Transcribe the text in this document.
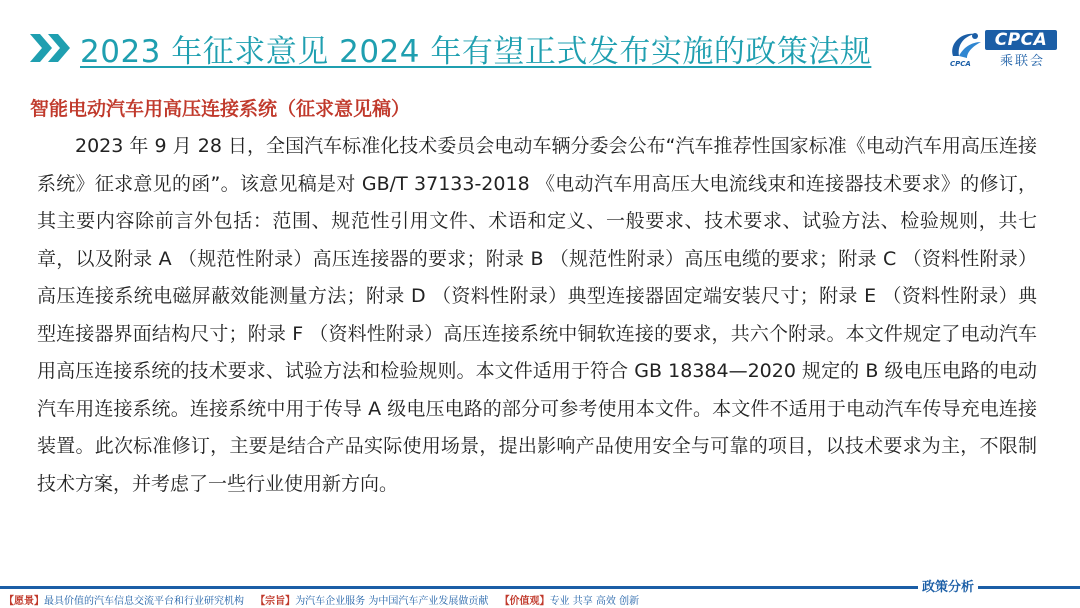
2023 年征求意见 2024 年有望正式发布实施的政策法规	CPCA
乘联会
CPCA
智能电动汽车用高压连接系统（征求意见稿）
2023 年 9 月 28 日，全国汽车标准化技术委员会电动车辆分委会公布“汽车推荐性国家标准《电动汽车用高压连接系统》征求意见的函”。该意见稿是对 GB/T 37133-2018 《电动汽车用高压大电流线束和连接器技术要求》的修订，其主要内容除前言外包括：范围、规范性引用文件、术语和定义、一般要求、技术要求、试验方法、检验规则，共七章，以及附录 A （规范性附录）高压连接器的要求；附录 B （规范性附录）高压电缆的要求；附录 C （资料性附录）高压连接系统电磁屏蔽效能测量方法；附录 D （资料性附录）典型连接器固定端安装尺寸；附录 E （资料性附录）典型连接器界面结构尺寸；附录 F （资料性附录）高压连接系统中铜软连接的要求，共六个附录。本文件规定了电动汽车用高压连接系统的技术要求、试验方法和检验规则。本文件适用于符合 GB 18384—2020 规定的 B 级电压电路的电动汽车用连接系统。连接系统中用于传导 A 级电压电路的部分可参考使用本文件。本文件不适用于电动汽车传导充电连接装置。此次标准修订，主要是结合产品实际使用场景，提出影响产品使用安全与可靠的项目，以技术要求为主，不限制技术方案，并考虑了一些行业使用新方向。
政策分析
【愿景】最具价值的汽车信息交流平台和行业研究机构 【宗旨】为汽车企业服务 为中国汽车产业发展做贡献 【价值观】专业 共享 高效 创新
